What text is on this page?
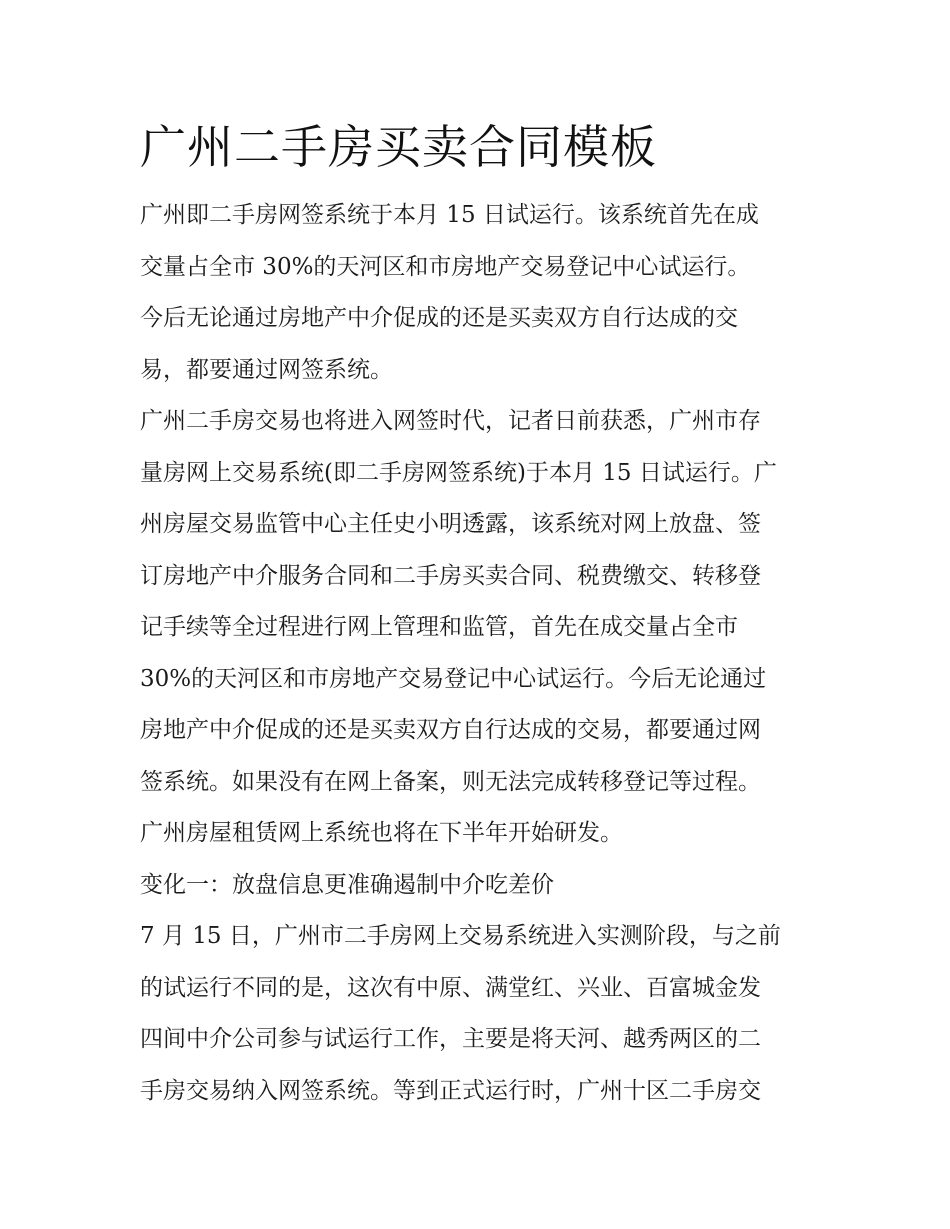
广州二手房买卖合同模板
广州即二手房网签系统于本月 15 日试运行。该系统首先在成
交量占全市 30%的天河区和市房地产交易登记中心试运行。
今后无论通过房地产中介促成的还是买卖双方自行达成的交
易，都要通过网签系统。
广州二手房交易也将进入网签时代，记者日前获悉，广州市存
量房网上交易系统(即二手房网签系统)于本月 15 日试运行。广
州房屋交易监管中心主任史小明透露，该系统对网上放盘、签
订房地产中介服务合同和二手房买卖合同、税费缴交、转移登
记手续等全过程进行网上管理和监管，首先在成交量占全市
30%的天河区和市房地产交易登记中心试运行。今后无论通过
房地产中介促成的还是买卖双方自行达成的交易，都要通过网
签系统。如果没有在网上备案，则无法完成转移登记等过程。
广州房屋租赁网上系统也将在下半年开始研发。
变化一：放盘信息更准确遏制中介吃差价
7 月 15 日，广州市二手房网上交易系统进入实测阶段，与之前
的试运行不同的是，这次有中原、满堂红、兴业、百富城金发
四间中介公司参与试运行工作，主要是将天河、越秀两区的二
手房交易纳入网签系统。等到正式运行时，广州十区二手房交
